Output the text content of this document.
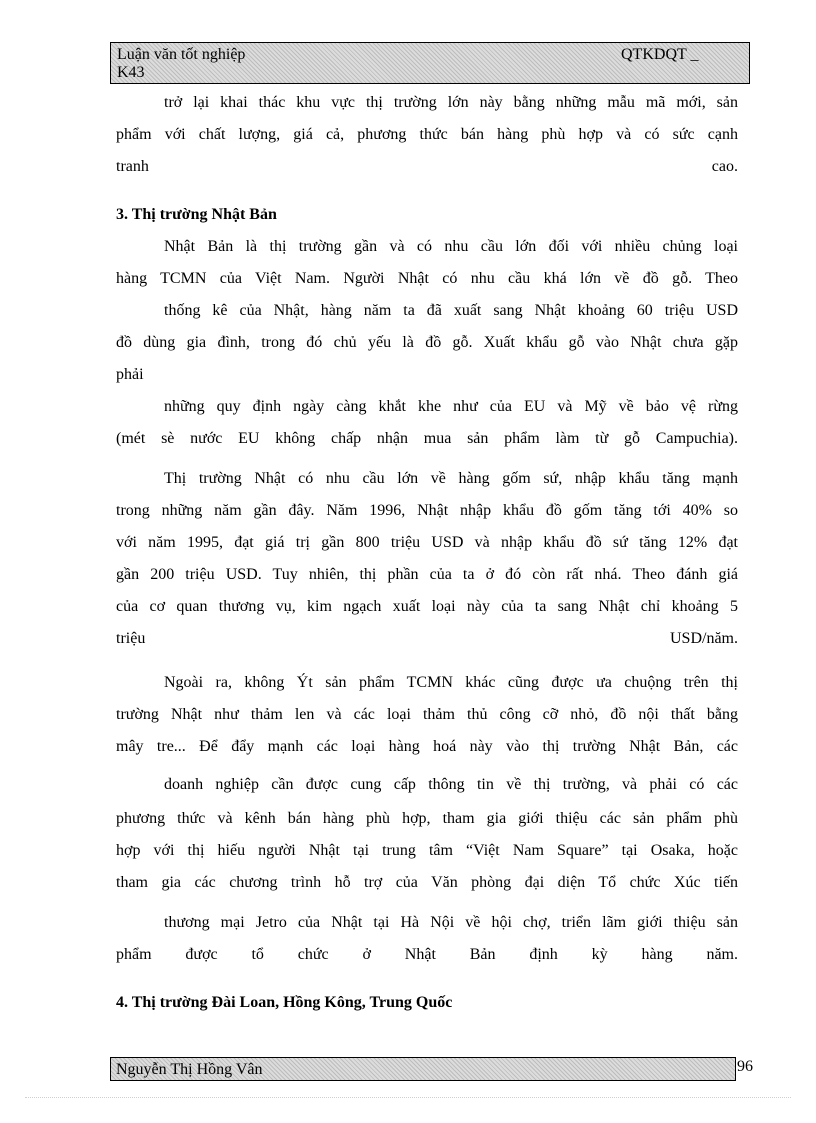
Luận văn tốt nghiệp
K43
QTKDQT _
trở lại khai thác khu vực thị trường lớn này bằng những mẫu mã mới, sản
phẩm với chất lượng, giá cả, phương thức bán hàng phù hợp và có sức cạnh
tranh	cao.
3. Thị trường Nhật Bản
Nhật Bản là thị trường gần và có nhu cầu lớn đối với nhiều chủng loại
hàng TCMN của Việt Nam. Người Nhật có nhu cầu khá lớn về đồ gỗ. Theo
thống kê của Nhật, hàng năm ta đã xuất sang Nhật khoảng 60 triệu USD
đồ dùng gia đình, trong đó chủ yếu là đồ gỗ. Xuất khẩu gỗ vào Nhật chưa gặp
phải
những quy định ngày càng khắt khe như của EU và Mỹ về bảo vệ rừng
(mét sè nước EU không chấp nhận mua sản phẩm làm từ gỗ Campuchia).
Thị trường Nhật có nhu cầu lớn về hàng gốm sứ, nhập khẩu tăng mạnh
trong những năm gần đây. Năm 1996, Nhật nhập khẩu đồ gốm tăng tới 40% so
với năm 1995, đạt giá trị gần 800 triệu USD và nhập khẩu đồ sứ tăng 12% đạt
gần 200 triệu USD. Tuy nhiên, thị phần của ta ở đó còn rất nhá. Theo đánh giá
của cơ quan thương vụ, kim ngạch xuất loại này của ta sang Nhật chỉ khoảng 5
triệu	USD/năm.
Ngoài ra, không Ýt sản phẩm TCMN khác cũng được ưa chuộng trên thị
trường Nhật như thảm len và các loại thảm thủ công cỡ nhỏ, đồ nội thất bằng
mây tre... Để đẩy mạnh các loại hàng hoá này vào thị trường Nhật Bản, các
doanh nghiệp cần được cung cấp thông tin về thị trường, và phải có các
phương thức và kênh bán hàng phù hợp, tham gia giới thiệu các sản phẩm phù
hợp với thị hiếu người Nhật tại trung tâm “Việt Nam Square” tại Osaka, hoặc
tham gia các chương trình hỗ trợ của Văn phòng đại diện Tổ chức Xúc tiến
thương mại Jetro của Nhật tại Hà Nội về hội chợ, triển lãm giới thiệu sản
phẩm được tổ chức ở Nhật Bản định kỳ hàng năm.
4. Thị trường Đài Loan, Hồng Kông, Trung Quốc
Nguyễn Thị Hồng Vân	96
